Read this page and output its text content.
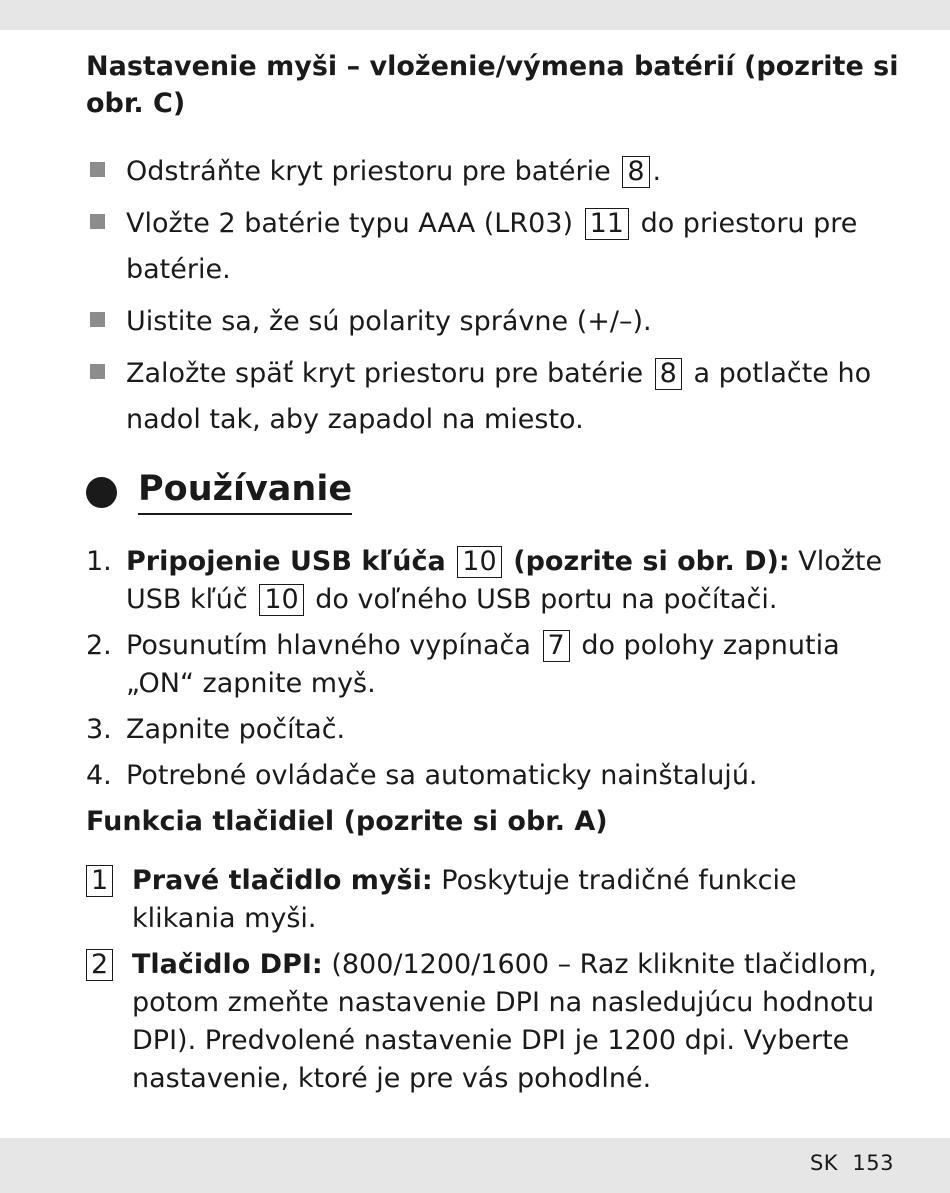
Nastavenie myši – vloženie/výmena batérií (pozrite si obr. C)
Odstráňte kryt priestoru pre batérie 8 .
Vložte 2 batérie typu AAA (LR03) 11 do priestoru pre batérie.
Uistite sa, že sú polarity správne (+/–).
Založte späť kryt priestoru pre batérie 8 a potlačte ho nadol tak, aby zapadol na miesto.
Používanie
1. Pripojenie USB kľúča 10 (pozrite si obr. D): Vložte USB kľúč 10 do voľného USB portu na počítači.
2. Posunutím hlavného vypínača 7 do polohy zapnutia „ON“ zapnite myš.
3. Zapnite počítač.
4. Potrebné ovládače sa automaticky nainštalujú.
Funkcia tlačidiel (pozrite si obr. A)
1 Pravé tlačidlo myši: Poskytuje tradičné funkcie klikania myši.
2 Tlačidlo DPI: (800/1200/1600 – Raz kliknite tlačidlom, potom zmeňte nastavenie DPI na nasledujúcu hodnotu DPI). Predvolené nastavenie DPI je 1200 dpi. Vyberte nastavenie, ktoré je pre vás pohodlné.
SK 153
